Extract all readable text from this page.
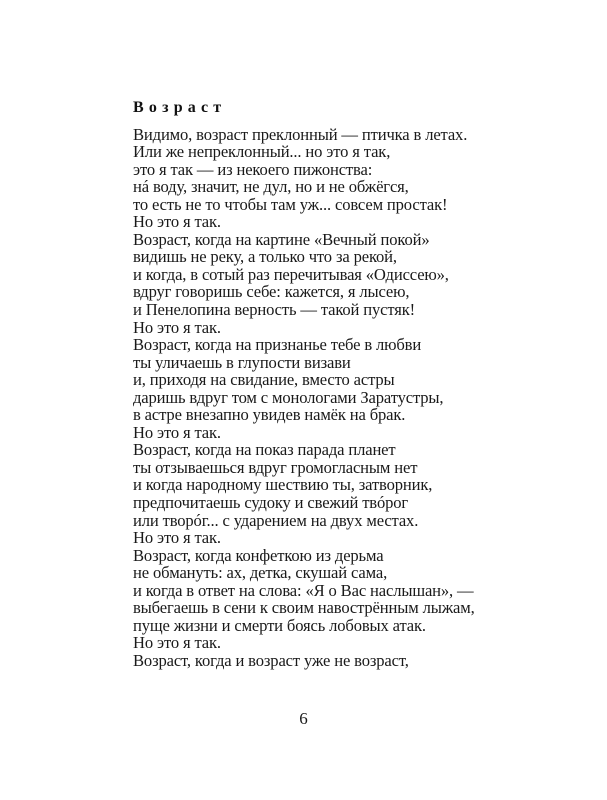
Возраст
Видимо, возраст преклонный — птичка в летах.
Или же непреклонный... но это я так,
это я так — из некоего пижонства:
нá воду, значит, не дул, но и не обжёгся,
то есть не то чтобы там уж... совсем простак!
Но это я так.
Возраст, когда на картине «Вечный покой»
видишь не реку, а только что за рекой,
и когда, в сотый раз перечитывая «Одиссею»,
вдруг говоришь себе: кажется, я лысею,
и Пенелопина верность — такой пустяк!
Но это я так.
Возраст, когда на признанье тебе в любви
ты уличаешь в глупости визави
и, приходя на свидание, вместо астры
даришь вдруг том с монологами Заратустры,
в астре внезапно увидев намёк на брак.
Но это я так.
Возраст, когда на показ парада планет
ты отзываешься вдруг громогласным нет
и когда народному шествию ты, затворник,
предпочитаешь судоку и свежий твóрог
или творóг... с ударением на двух местах.
Но это я так.
Возраст, когда конфеткою из дерьма
не обмануть: ах, детка, скушай сама,
и когда в ответ на слова: «Я о Вас наслышан», —
выбегаешь в сени к своим навострённым лыжам,
пуще жизни и смерти боясь лобовых атак.
Но это я так.
Возраст, когда и возраст уже не возраст,
6
